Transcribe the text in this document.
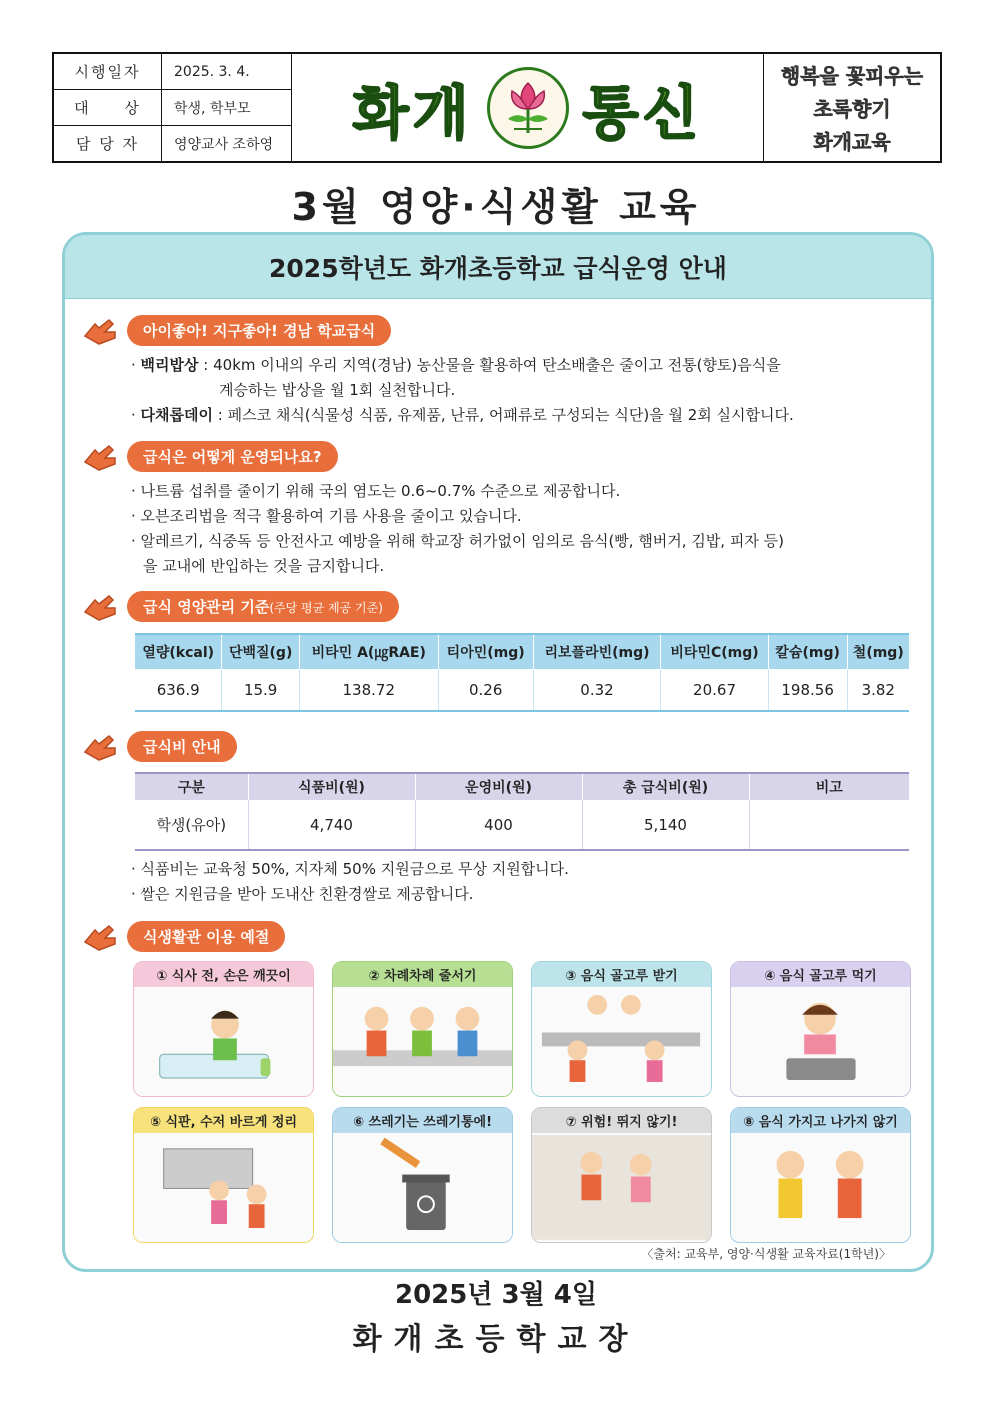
시행일자	2025. 3. 4.
대     상	학생, 학부모
담 당 자	영양교사 조하영	화개 통신
행복을 꽃피우는
초록향기
화개교육
3월 영양·식생활 교육
2025학년도 화개초등학교 급식운영 안내
아이좋아! 지구좋아! 경남 학교급식
· 백리밥상 : 40km 이내의 우리 지역(경남) 농산물을 활용하여 탄소배출은 줄이고 전통(향토)음식을
계승하는 밥상을 월 1회 실천합니다.
· 다채롭데이 : 페스코 채식(식물성 식품, 유제품, 난류, 어패류로 구성되는 식단)을 월 2회 실시합니다.
급식은 어떻게 운영되나요?
· 나트륨 섭취를 줄이기 위해 국의 염도는 0.6~0.7% 수준으로 제공합니다.
· 오븐조리법을 적극 활용하여 기름 사용을 줄이고 있습니다.
· 알레르기, 식중독 등 안전사고 예방을 위해 학교장 허가없이 임의로 음식(빵, 햄버거, 김밥, 피자 등)
을 교내에 반입하는 것을 금지합니다.
급식 영양관리 기준(주당 평균 제공 기준)
열량(kcal)	단백질(g)	비타민 A(㎍RAE)	티아민(mg)	리보플라빈(mg)	비타민C(mg)	칼슘(mg)	철(mg)
636.9	15.9	138.72	0.26	0.32	20.67	198.56	3.82
급식비 안내
구분	식품비(원)	운영비(원)	총 급식비(원)	비고
학생(유아)	4,740	400	5,140	
· 식품비는 교육청 50%, 지자체 50% 지원금으로 무상 지원합니다.
· 쌀은 지원금을 받아 도내산 친환경쌀로 제공합니다.
식생활관 이용 예절
① 식사 전, 손은 깨끗이	② 차례차례 줄서기	③ 음식 골고루 받기	④ 음식 골고루 먹기
⑤ 식판, 수저 바르게 정리	⑥ 쓰레기는 쓰레기통에!	⑦ 위험! 뛰지 않기!	⑧ 음식 가지고 나가지 않기
〈출처: 교육부, 영양·식생활 교육자료(1학년)〉
2025년 3월 4일
화개초등학교장
